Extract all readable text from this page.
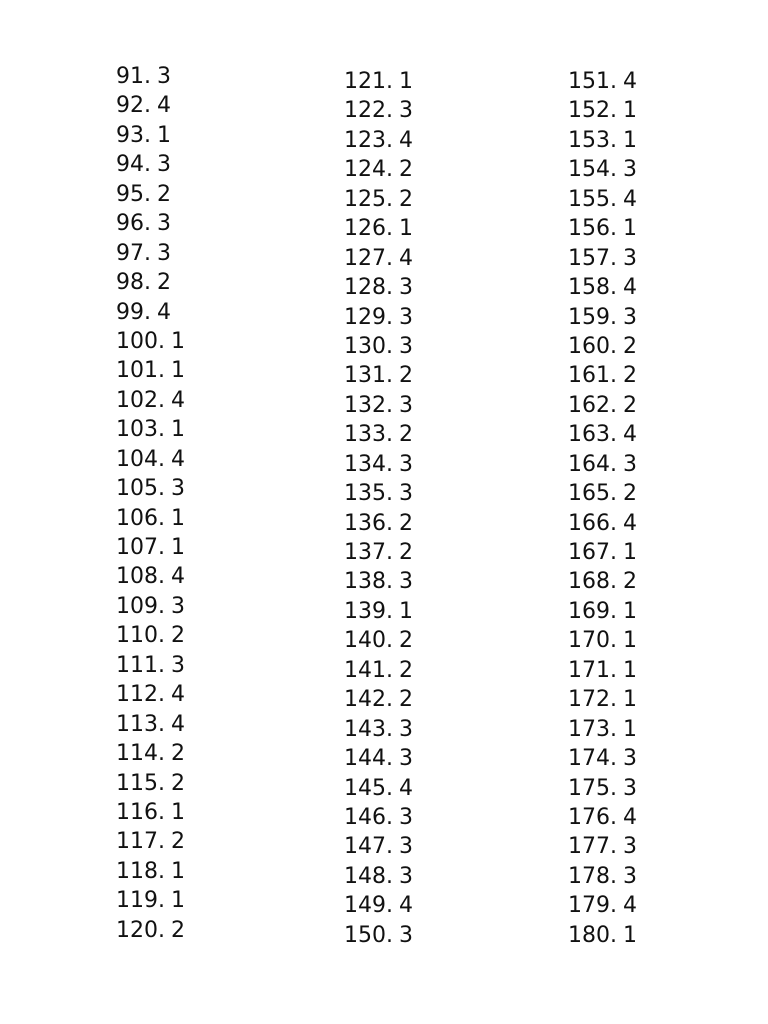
91. 3
92. 4
93. 1
94. 3
95. 2
96. 3
97. 3
98. 2
99. 4
100. 1
101. 1
102. 4
103. 1
104. 4
105. 3
106. 1
107. 1
108. 4
109. 3
110. 2
111. 3
112. 4
113. 4
114. 2
115. 2
116. 1
117. 2
118. 1
119. 1
120. 2
121. 1
122. 3
123. 4
124. 2
125. 2
126. 1
127. 4
128. 3
129. 3
130. 3
131. 2
132. 3
133. 2
134. 3
135. 3
136. 2
137. 2
138. 3
139. 1
140. 2
141. 2
142. 2
143. 3
144. 3
145. 4
146. 3
147. 3
148. 3
149. 4
150. 3
151. 4
152. 1
153. 1
154. 3
155. 4
156. 1
157. 3
158. 4
159. 3
160. 2
161. 2
162. 2
163. 4
164. 3
165. 2
166. 4
167. 1
168. 2
169. 1
170. 1
171. 1
172. 1
173. 1
174. 3
175. 3
176. 4
177. 3
178. 3
179. 4
180. 1
